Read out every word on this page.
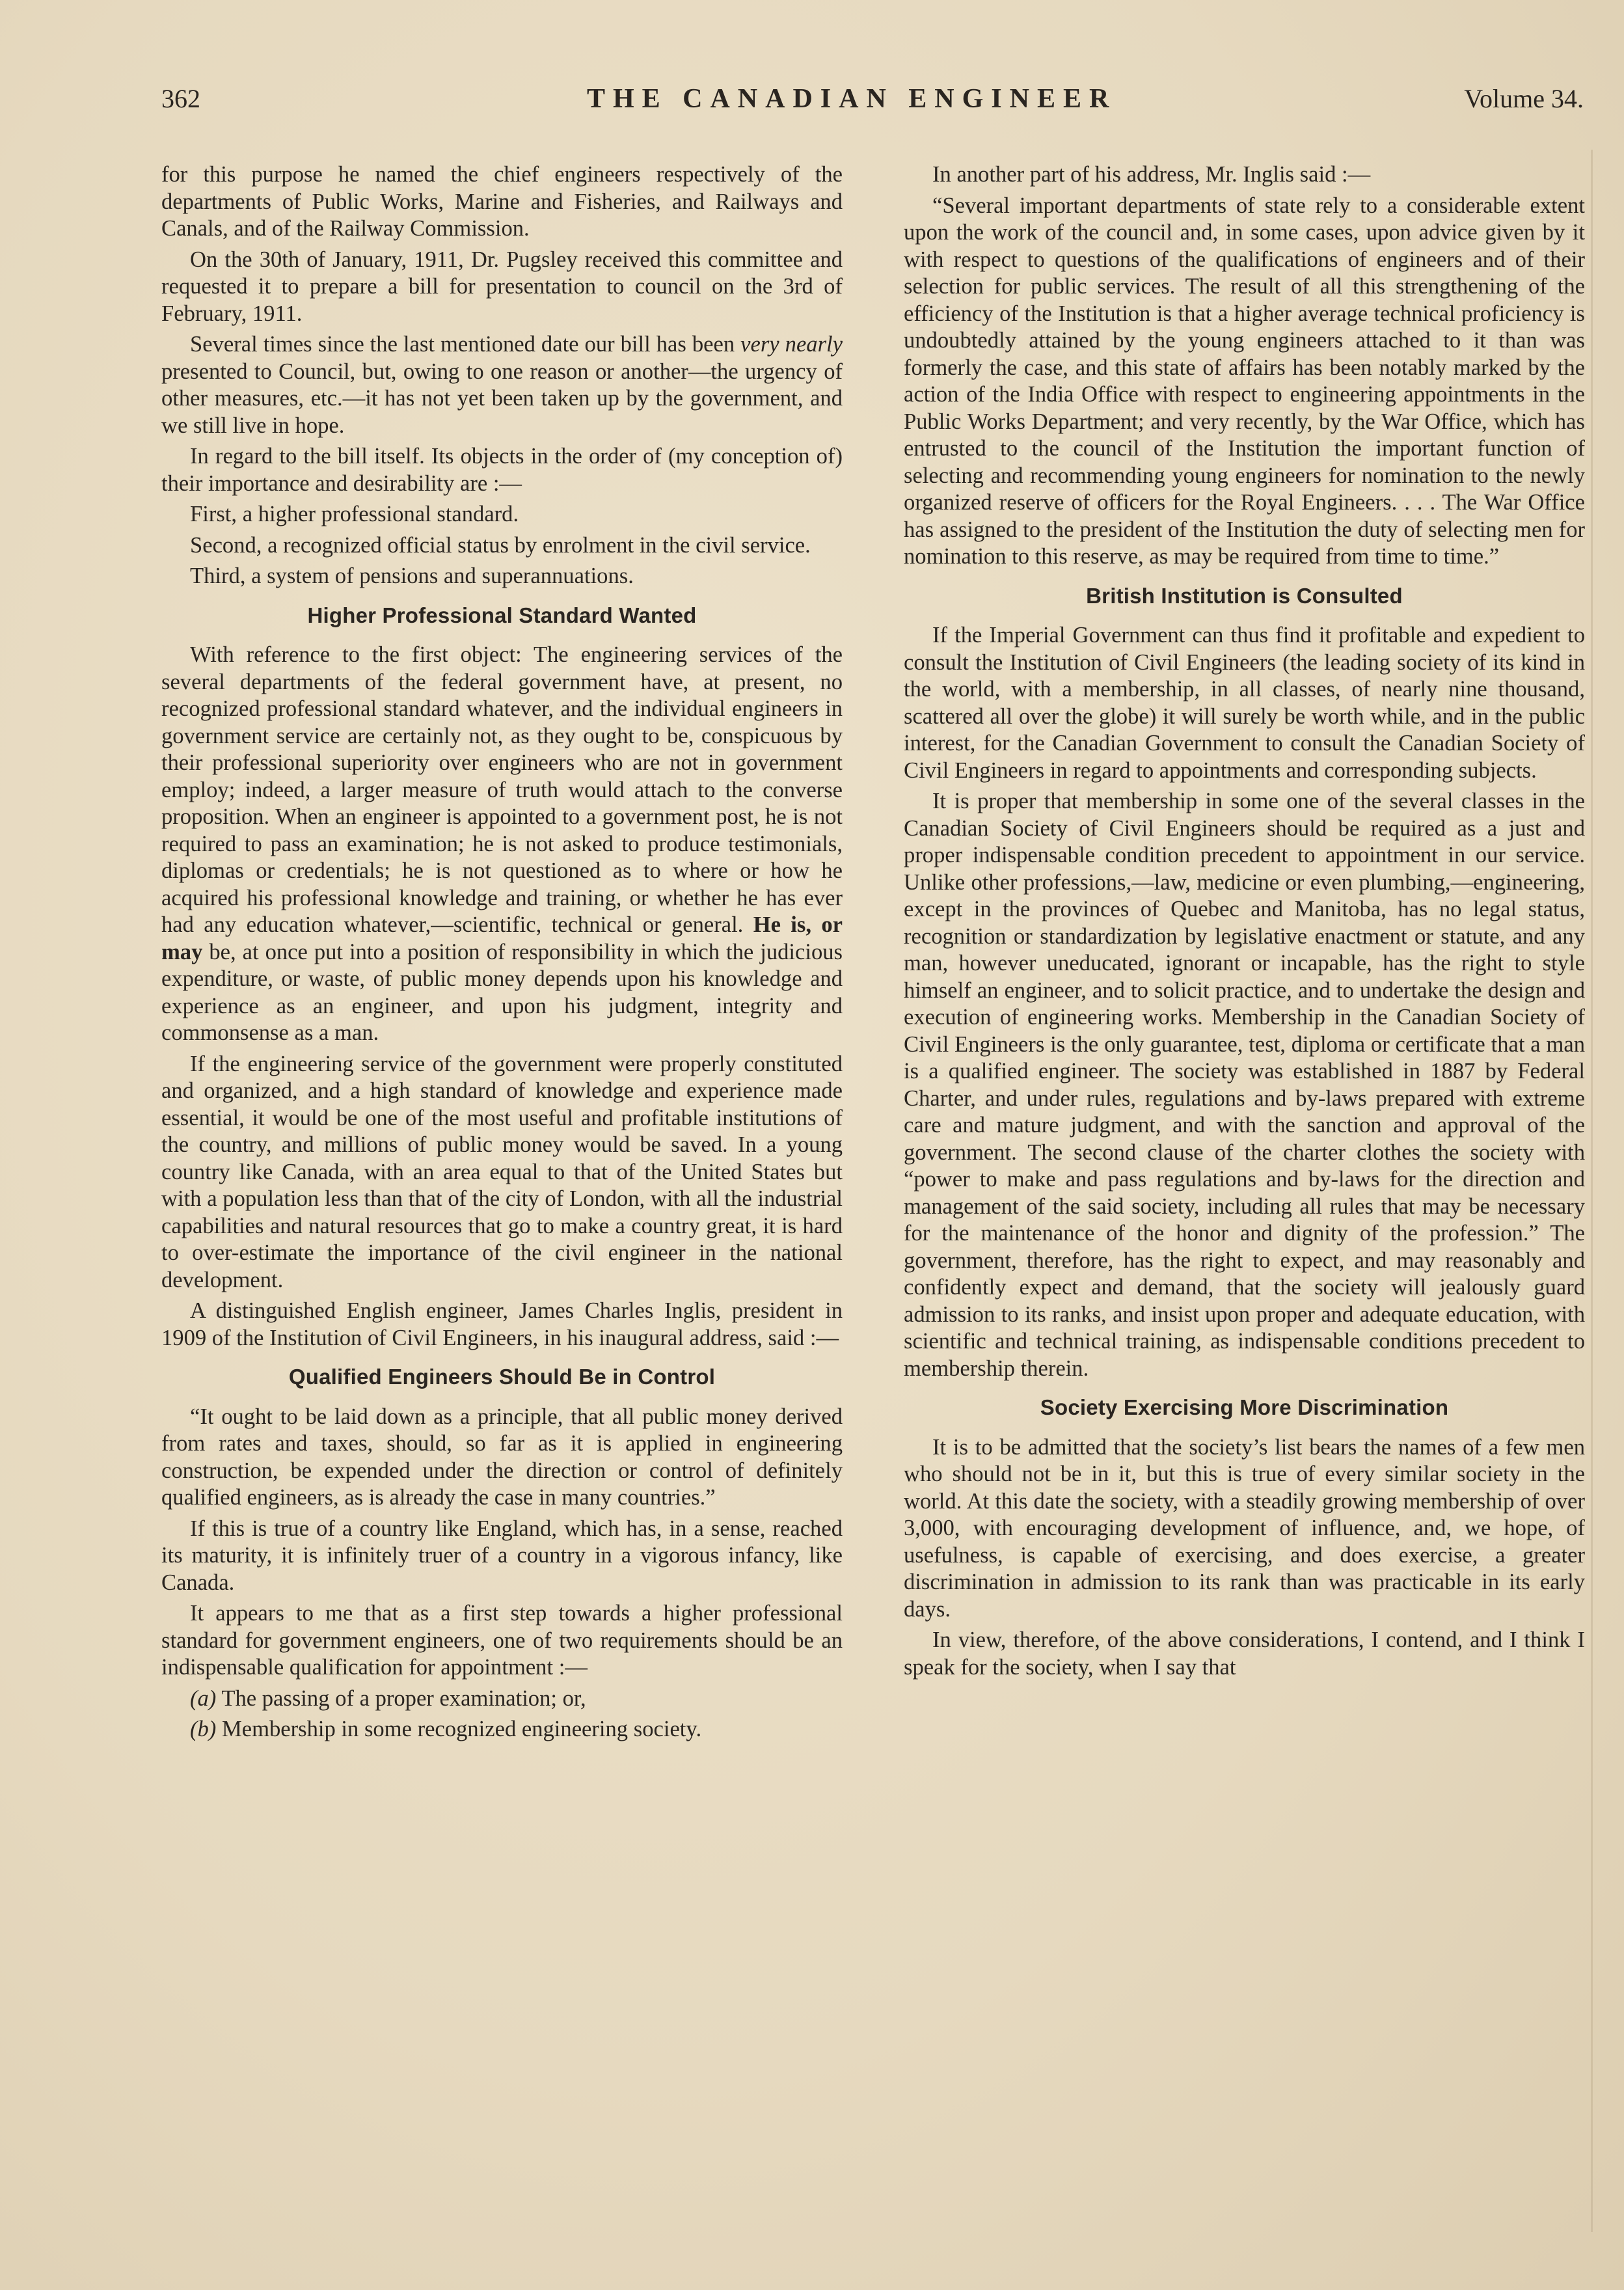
362	THE CANADIAN ENGINEER	Volume 34.

for this purpose he named the chief engineers respectively of the departments of Public Works, Marine and Fisheries, and Railways and Canals, and of the Railway Commission.

On the 30th of January, 1911, Dr. Pugsley received this committee and requested it to prepare a bill for presentation to council on the 3rd of February, 1911.

Several times since the last mentioned date our bill has been very nearly presented to Council, but, owing to one reason or another—the urgency of other measures, etc.—it has not yet been taken up by the government, and we still live in hope.

In regard to the bill itself. Its objects in the order of (my conception of) their importance and desirability are :—

First, a higher professional standard.

Second, a recognized official status by enrolment in the civil service.

Third, a system of pensions and superannuations.

Higher Professional Standard Wanted

With reference to the first object: The engineering services of the several departments of the federal government have, at present, no recognized professional standard whatever, and the individual engineers in government service are certainly not, as they ought to be, conspicuous by their professional superiority over engineers who are not in government employ; indeed, a larger measure of truth would attach to the converse proposition. When an engineer is appointed to a government post, he is not required to pass an examination; he is not asked to produce testimonials, diplomas or credentials; he is not questioned as to where or how he acquired his professional knowledge and training, or whether he has ever had any education whatever,—scientific, technical or general. He is, or may be, at once put into a position of responsibility in which the judicious expenditure, or waste, of public money depends upon his knowledge and experience as an engineer, and upon his judgment, integrity and commonsense as a man.

If the engineering service of the government were properly constituted and organized, and a high standard of knowledge and experience made essential, it would be one of the most useful and profitable institutions of the country, and millions of public money would be saved. In a young country like Canada, with an area equal to that of the United States but with a population less than that of the city of London, with all the industrial capabilities and natural resources that go to make a country great, it is hard to over-estimate the importance of the civil engineer in the national development.

A distinguished English engineer, James Charles Inglis, president in 1909 of the Institution of Civil Engineers, in his inaugural address, said :—

Qualified Engineers Should Be in Control

“It ought to be laid down as a principle, that all public money derived from rates and taxes, should, so far as it is applied in engineering construction, be expended under the direction or control of definitely qualified engineers, as is already the case in many countries.”

If this is true of a country like England, which has, in a sense, reached its maturity, it is infinitely truer of a country in a vigorous infancy, like Canada.

It appears to me that as a first step towards a higher professional standard for government engineers, one of two requirements should be an indispensable qualification for appointment :—

(a) The passing of a proper examination; or,

(b) Membership in some recognized engineering society.

In another part of his address, Mr. Inglis said :—

“Several important departments of state rely to a considerable extent upon the work of the council and, in some cases, upon advice given by it with respect to questions of the qualifications of engineers and of their selection for public services. The result of all this strengthening of the efficiency of the Institution is that a higher average technical proficiency is undoubtedly attained by the young engineers attached to it than was formerly the case, and this state of affairs has been notably marked by the action of the India Office with respect to engineering appointments in the Public Works Department; and very recently, by the War Office, which has entrusted to the council of the Institution the important function of selecting and recommending young engineers for nomination to the newly organized reserve of officers for the Royal Engineers. . . . The War Office has assigned to the president of the Institution the duty of selecting men for nomination to this reserve, as may be required from time to time.”

British Institution is Consulted

If the Imperial Government can thus find it profitable and expedient to consult the Institution of Civil Engineers (the leading society of its kind in the world, with a membership, in all classes, of nearly nine thousand, scattered all over the globe) it will surely be worth while, and in the public interest, for the Canadian Government to consult the Canadian Society of Civil Engineers in regard to appointments and corresponding subjects.

It is proper that membership in some one of the several classes in the Canadian Society of Civil Engineers should be required as a just and proper indispensable condition precedent to appointment in our service. Unlike other professions,—law, medicine or even plumbing,—engineering, except in the provinces of Quebec and Manitoba, has no legal status, recognition or standardization by legislative enactment or statute, and any man, however uneducated, ignorant or incapable, has the right to style himself an engineer, and to solicit practice, and to undertake the design and execution of engineering works. Membership in the Canadian Society of Civil Engineers is the only guarantee, test, diploma or certificate that a man is a qualified engineer. The society was established in 1887 by Federal Charter, and under rules, regulations and by-laws prepared with extreme care and mature judgment, and with the sanction and approval of the government. The second clause of the charter clothes the society with “power to make and pass regulations and by-laws for the direction and management of the said society, including all rules that may be necessary for the maintenance of the honor and dignity of the profession.” The government, therefore, has the right to expect, and may reasonably and confidently expect and demand, that the society will jealously guard admission to its ranks, and insist upon proper and adequate education, with scientific and technical training, as indispensable conditions precedent to membership therein.

Society Exercising More Discrimination

It is to be admitted that the society’s list bears the names of a few men who should not be in it, but this is true of every similar society in the world. At this date the society, with a steadily growing membership of over 3,000, with encouraging development of influence, and, we hope, of usefulness, is capable of exercising, and does exercise, a greater discrimination in admission to its rank than was practicable in its early days.

In view, therefore, of the above considerations, I contend, and I think I speak for the society, when I say that
